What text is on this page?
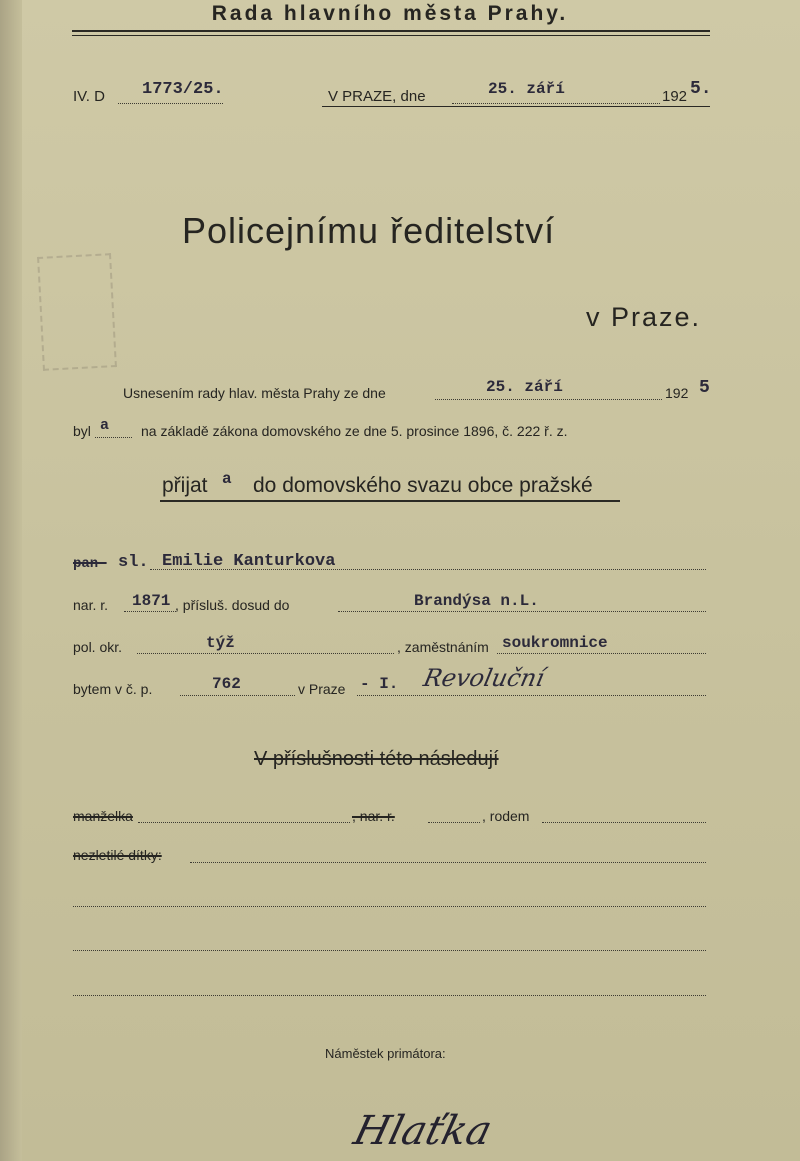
Rada hlavního města Prahy.
IV. D 1773/25.	V PRAZE, dne	25. září	192 5.
Policejnímu ředitelství
v Praze.
Usnesením rady hlav. města Prahy ze dne	25. září	192 5
byl a na základě zákona domovského ze dne 5. prosince 1896, č. 222 ř. z.
přijat a do domovského svazu obce pražské
pan- sl. Emilie Kanturkova
nar. r. 1871 , přísluš. dosud do	Brandýsa n.L.
pol. okr.	týž	, zaměstnáním soukromnice
bytem v č. p.	762	v Praze - I. Revoluční
V příslušnosti této následují
manželka	, nar. r.	, rodem
nezletilé dítky:
Náměstek primátora:
Hlaťka
